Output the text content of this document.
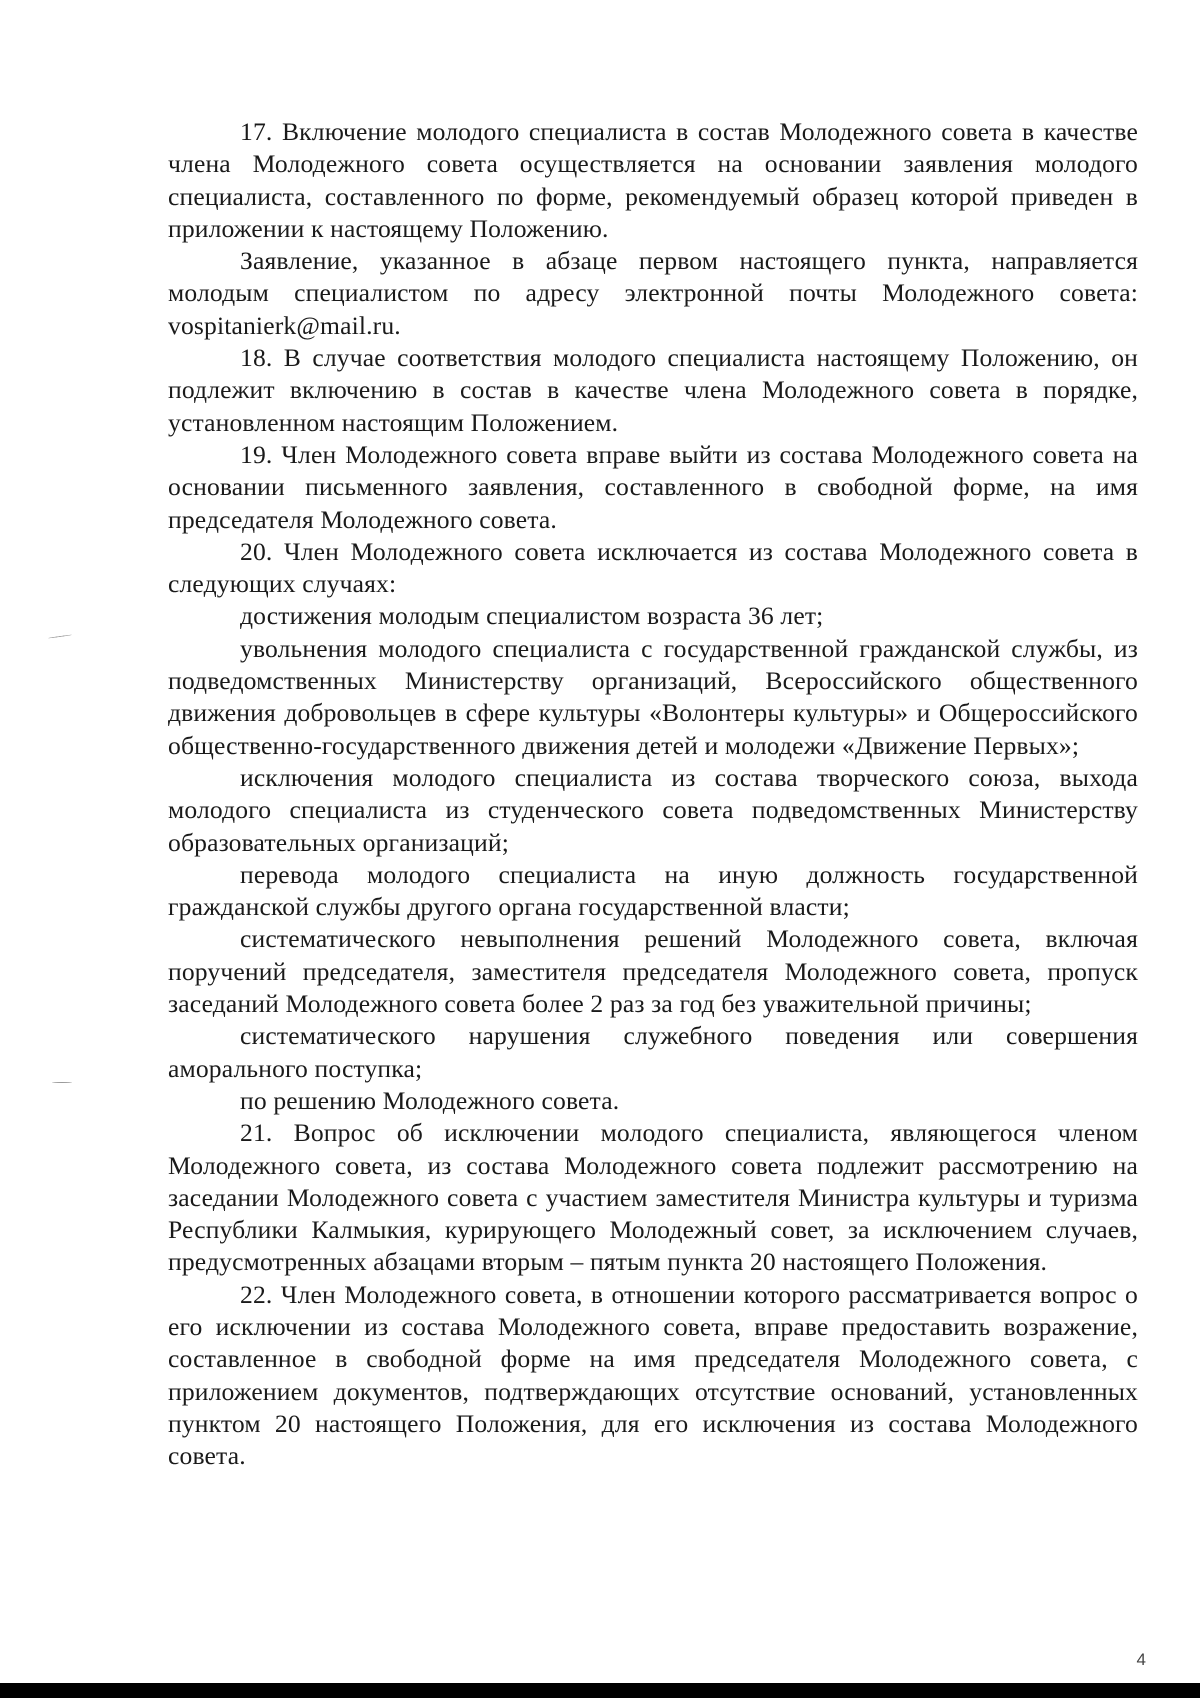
17. Включение молодого специалиста в состав Молодежного совета в качестве члена Молодежного совета осуществляется на основании заявления молодого специалиста, составленного по форме, рекомендуемый образец которой приведен в приложении к настоящему Положению.

Заявление, указанное в абзаце первом настоящего пункта, направляется молодым специалистом по адресу электронной почты Молодежного совета: vospitanierk@mail.ru.

18. В случае соответствия молодого специалиста настоящему Положению, он подлежит включению в состав в качестве члена Молодежного совета в порядке, установленном настоящим Положением.

19. Член Молодежного совета вправе выйти из состава Молодежного совета на основании письменного заявления, составленного в свободной форме, на имя председателя Молодежного совета.

20. Член Молодежного совета исключается из состава Молодежного совета в следующих случаях:

достижения молодым специалистом возраста 36 лет;

увольнения молодого специалиста с государственной гражданской службы, из подведомственных Министерству организаций, Всероссийского общественного движения добровольцев в сфере культуры «Волонтеры культуры» и Общероссийского общественно-государственного движения детей и молодежи «Движение Первых»;

исключения молодого специалиста из состава творческого союза, выхода молодого специалиста из студенческого совета подведомственных Министерству образовательных организаций;

перевода молодого специалиста на иную должность государственной гражданской службы другого органа государственной власти;

систематического невыполнения решений Молодежного совета, включая поручений председателя, заместителя председателя Молодежного совета, пропуск заседаний Молодежного совета более 2 раз за год без уважительной причины;

систематического нарушения служебного поведения или совершения аморального поступка;

по решению Молодежного совета.

21. Вопрос об исключении молодого специалиста, являющегося членом Молодежного совета, из состава Молодежного совета подлежит рассмотрению на заседании Молодежного совета с участием заместителя Министра культуры и туризма Республики Калмыкия, курирующего Молодежный совет, за исключением случаев, предусмотренных абзацами вторым – пятым пункта 20 настоящего Положения.

22. Член Молодежного совета, в отношении которого рассматривается вопрос о его исключении из состава Молодежного совета, вправе предоставить возражение, составленное в свободной форме на имя председателя Молодежного совета, с приложением документов, подтверждающих отсутствие оснований, установленных пунктом 20 настоящего Положения, для его исключения из состава Молодежного совета.

4
